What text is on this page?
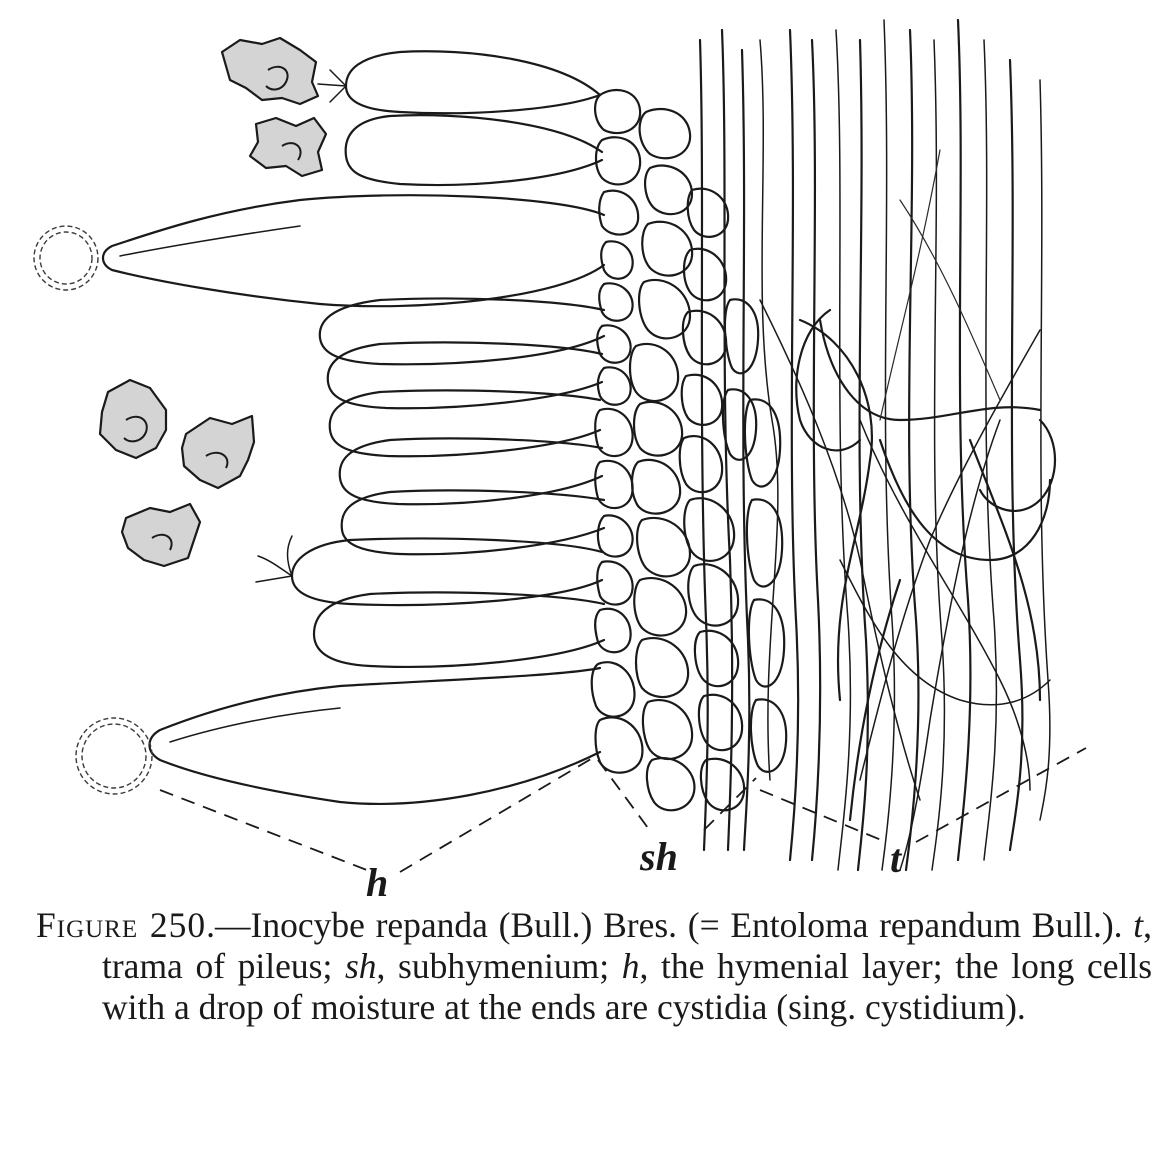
h
sh	t

Figure 250.—Inocybe repanda (Bull.) Bres. (= Entoloma repandum Bull.). t, trama of pileus; sh, subhymenium; h, the hymenial layer; the long cells with a drop of moisture at the ends are cystidia (sing. cystidium).
